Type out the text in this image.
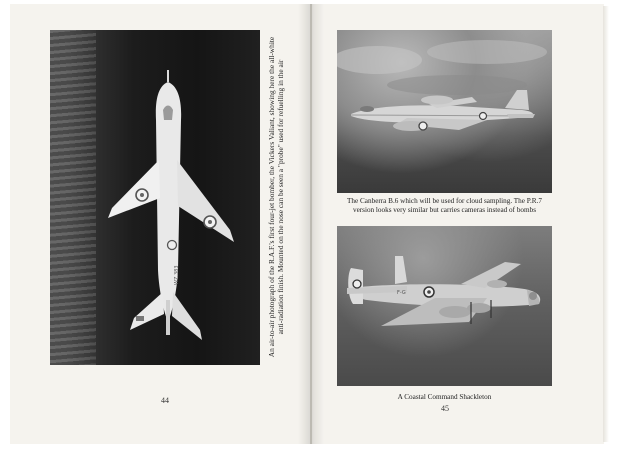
WZ 383	An air-to-air photograph of the R.A.F.'s first four-jet bomber, the Vickers Valiant, showing here the all-white anti-radiation finish. Mounted on the nose can be seen a "probe" used for refuelling in the air
44
The Canberra B.6 which will be used for cloud sampling. The P.R.7 version looks very similar but carries cameras instead of bombs
F-G
A Coastal Command Shackleton
45
